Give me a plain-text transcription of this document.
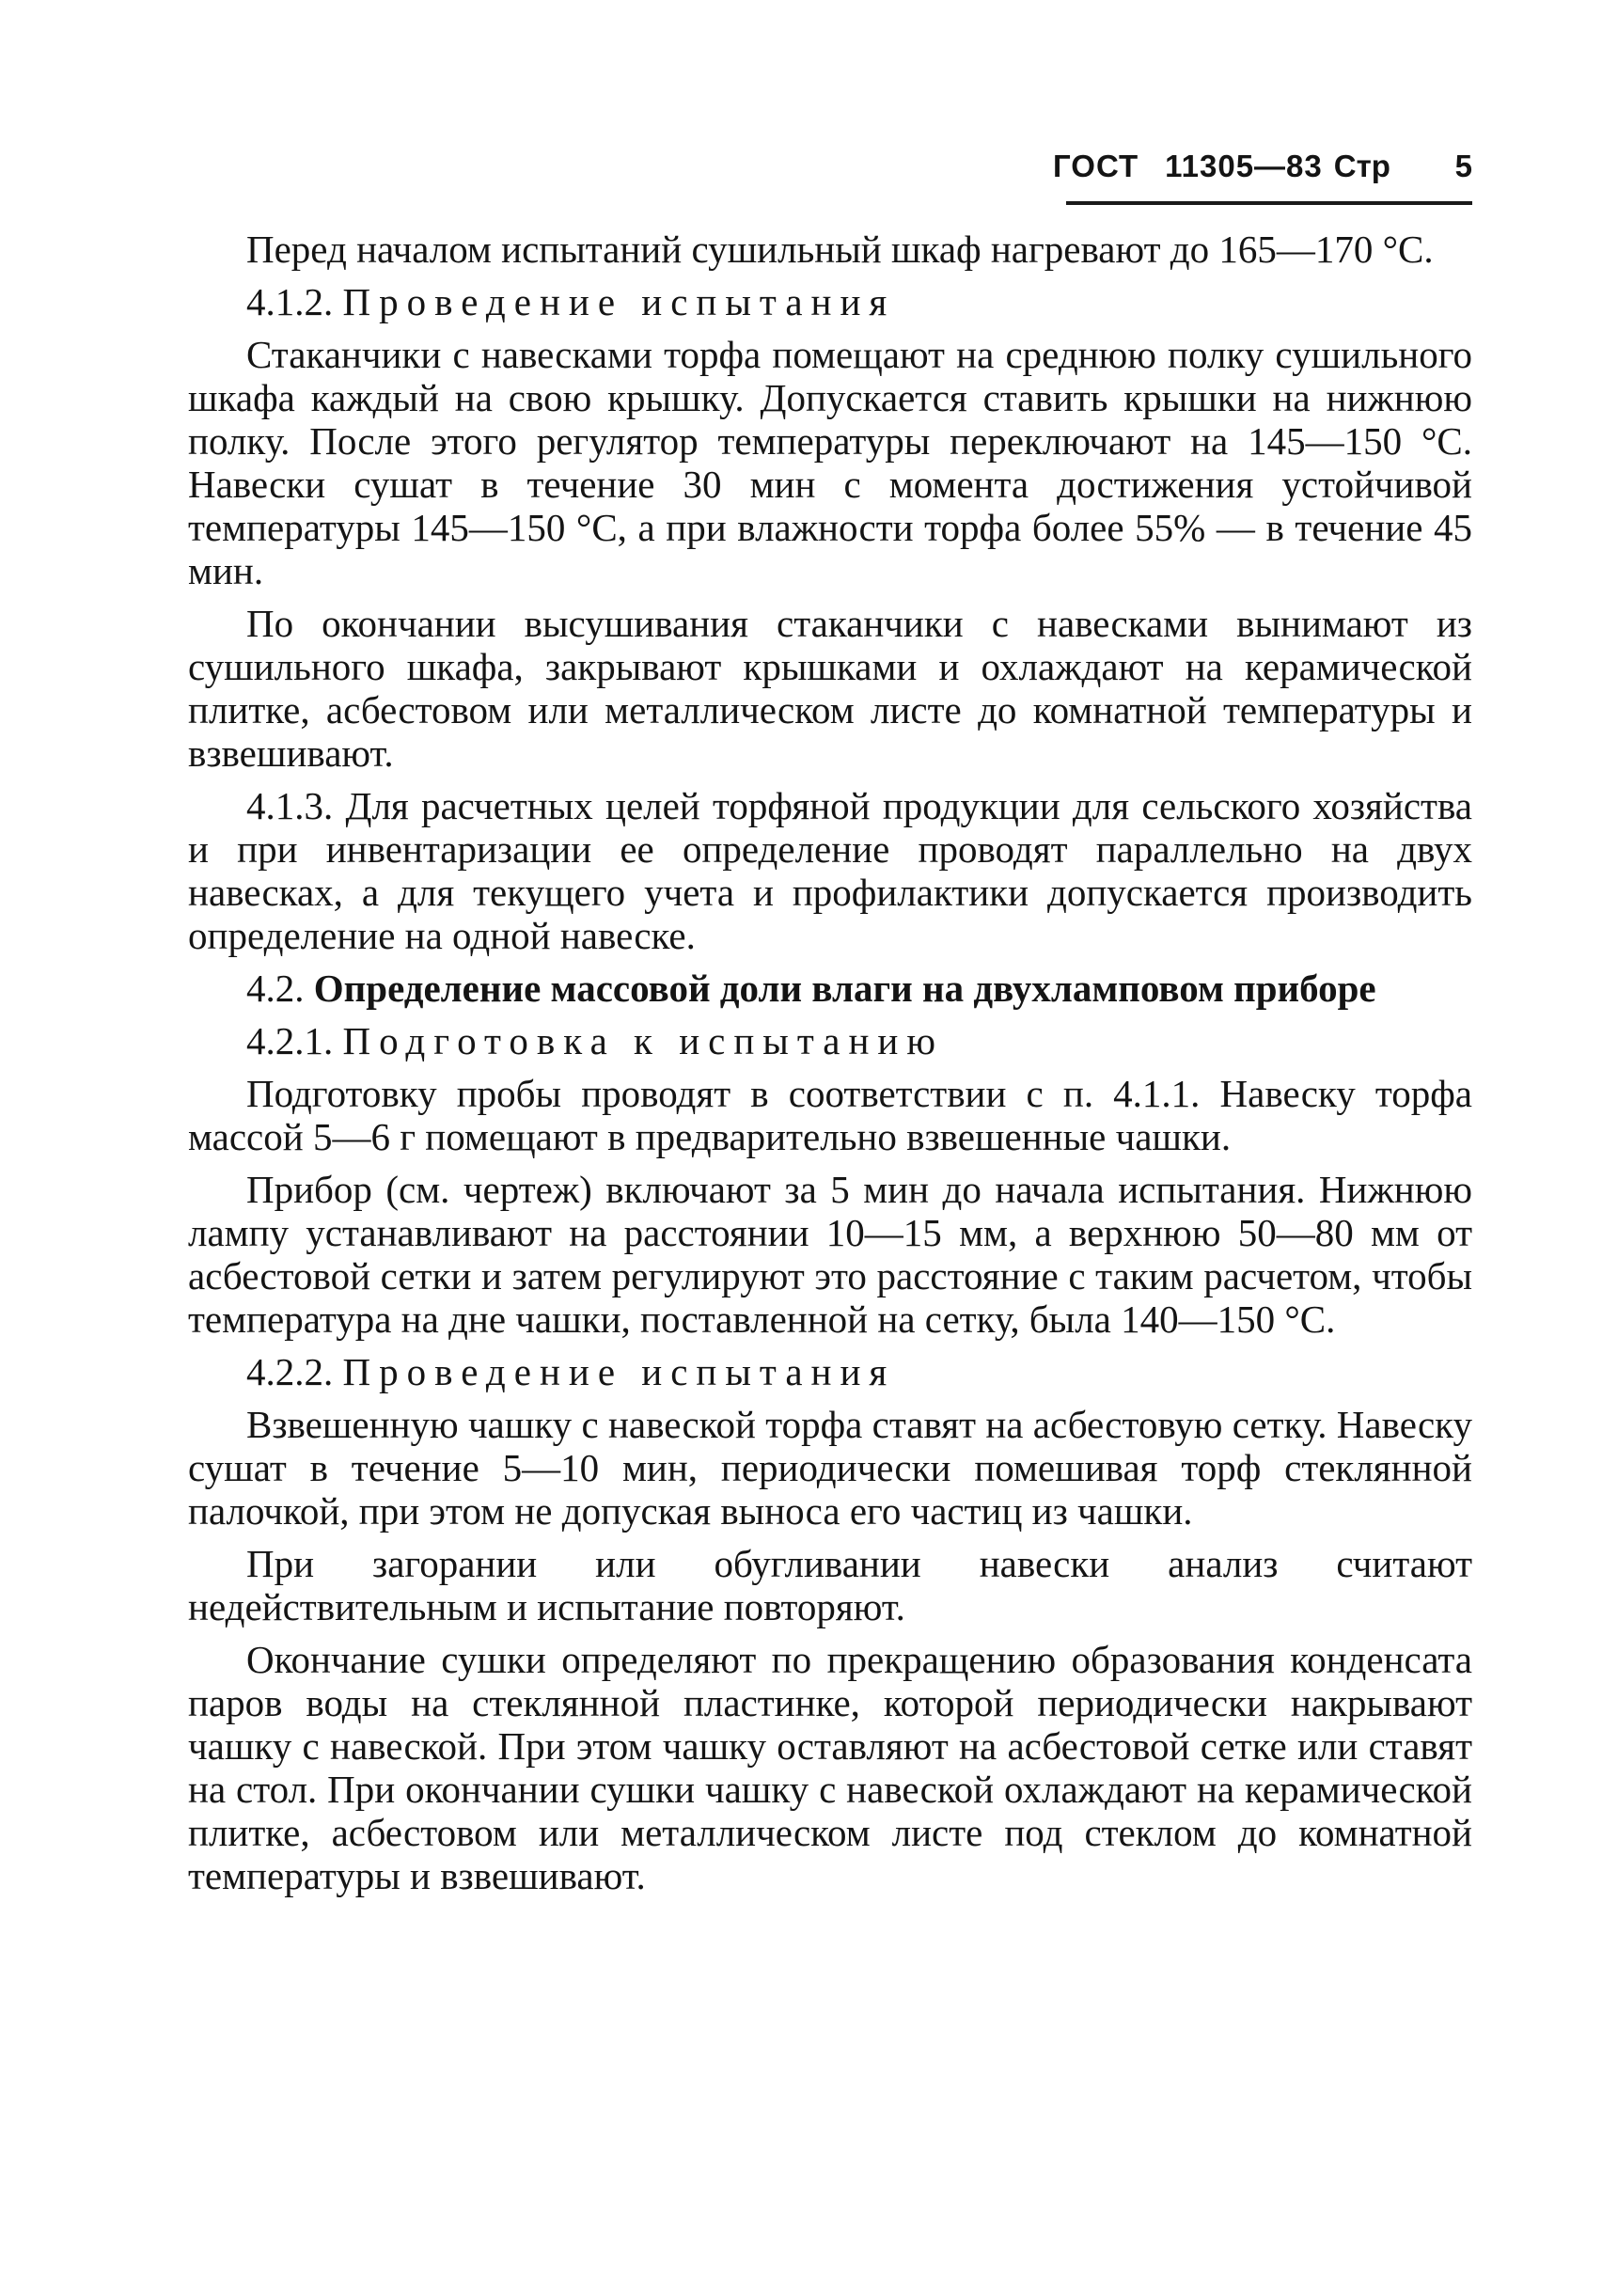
ГОСТ 11305—83 Стр 5

Перед началом испытаний сушильный шкаф нагревают до 165—170 °С.

4.1.2. Проведение испытания

Стаканчики с навесками торфа помещают на среднюю полку сушильного шкафа каждый на свою крышку. Допускается ставить крышки на нижнюю полку. После этого регулятор температуры переключают на 145—150 °С. Навески сушат в течение 30 мин с момента достижения устойчивой температуры 145—150 °С, а при влажности торфа более 55% — в течение 45 мин.

По окончании высушивания стаканчики с навесками вынимают из сушильного шкафа, закрывают крышками и охлаждают на керамической плитке, асбестовом или металлическом листе до комнатной температуры и взвешивают.

4.1.3. Для расчетных целей торфяной продукции для сельского хозяйства и при инвентаризации ее определение проводят параллельно на двух навесках, а для текущего учета и профилактики допускается производить определение на одной навеске.

4.2. Определение массовой доли влаги на двухламповом приборе
4.2.1. Подготовка к испытанию

Подготовку пробы проводят в соответствии с п. 4.1.1. Навеску торфа массой 5—6 г помещают в предварительно взвешенные чашки.

Прибор (см. чертеж) включают за 5 мин до начала испытания. Нижнюю лампу устанавливают на расстоянии 10—15 мм, а верхнюю 50—80 мм от асбестовой сетки и затем регулируют это расстояние с таким расчетом, чтобы температура на дне чашки, поставленной на сетку, была 140—150 °С.

4.2.2. Проведение испытания

Взвешенную чашку с навеской торфа ставят на асбестовую сетку. Навеску сушат в течение 5—10 мин, периодически помешивая торф стеклянной палочкой, при этом не допуская выноса его частиц из чашки.

При загорании или обугливании навески анализ считают недействительным и испытание повторяют.

Окончание сушки определяют по прекращению образования конденсата паров воды на стеклянной пластинке, которой периодически накрывают чашку с навеской. При этом чашку оставляют на асбестовой сетке или ставят на стол. При окончании сушки чашку с навеской охлаждают на керамической плитке, асбестовом или металлическом листе под стеклом до комнатной температуры и взвешивают.
